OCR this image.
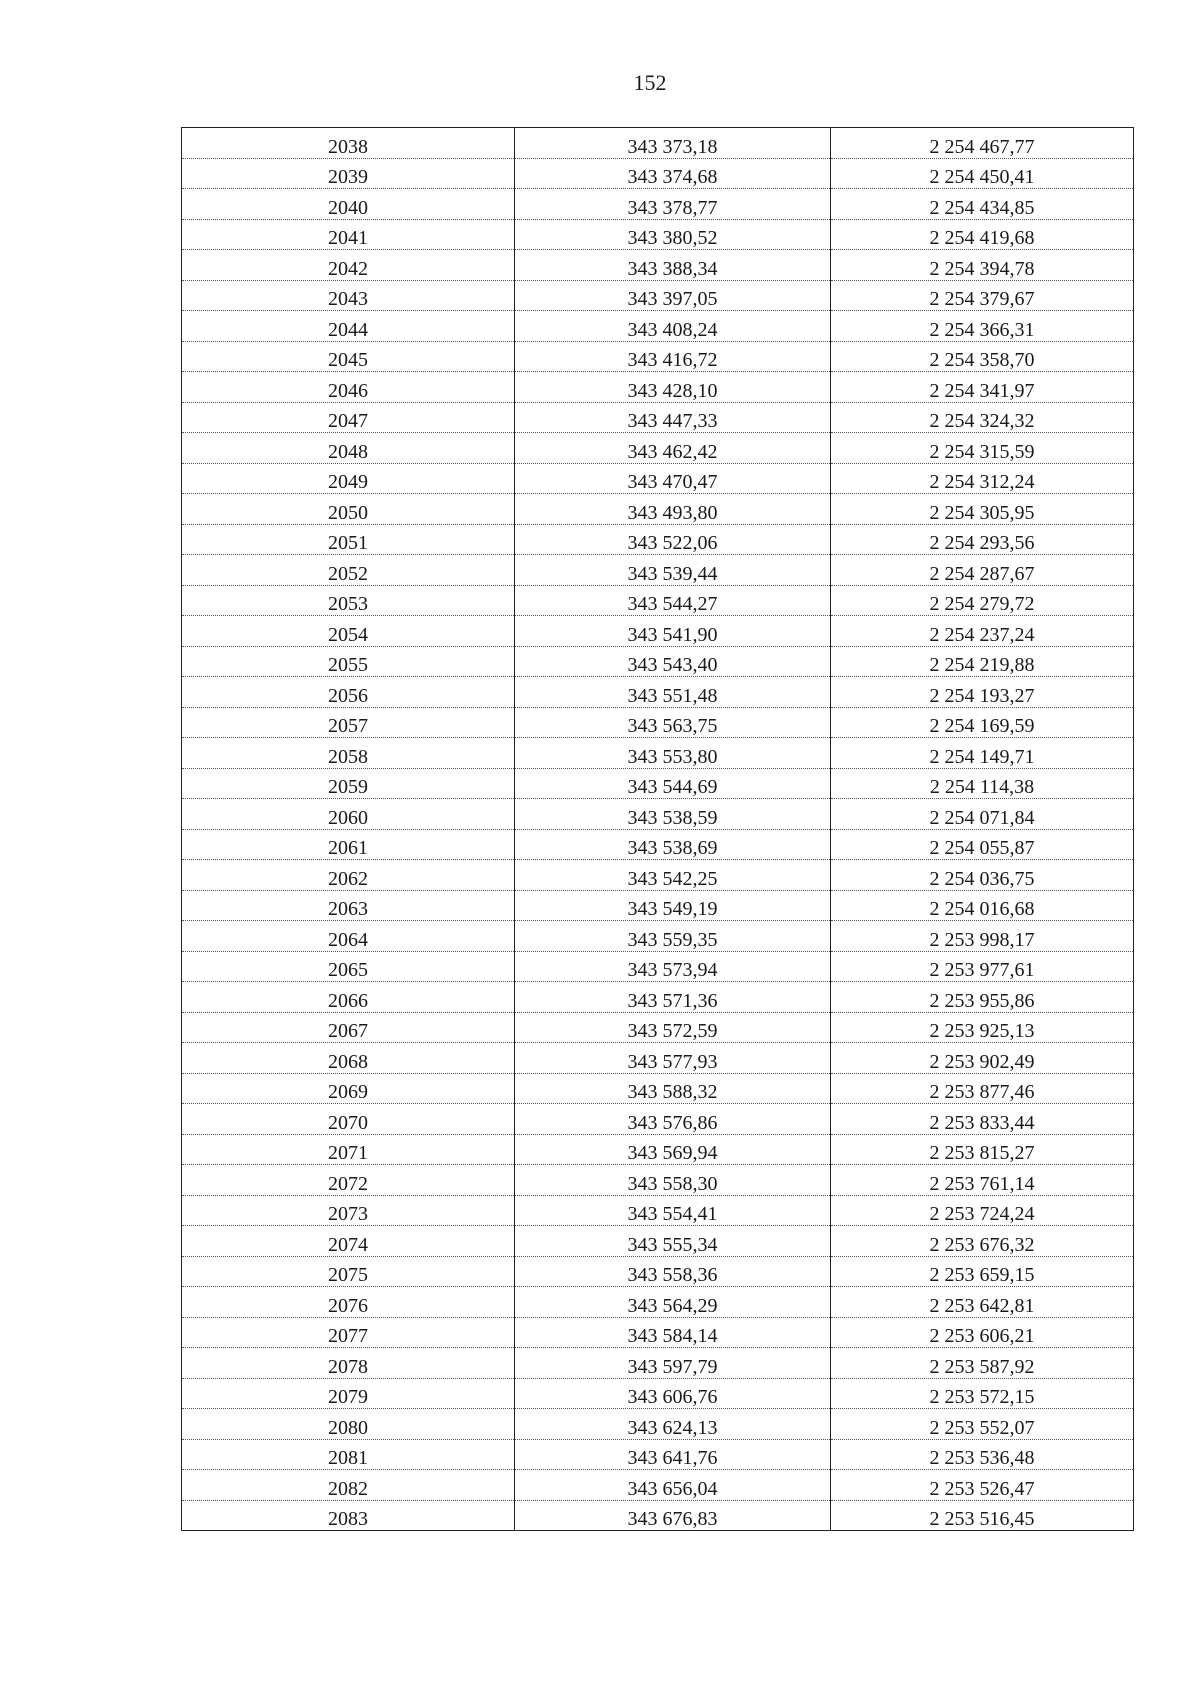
152
2038	343 373,18	2 254 467,77
2039	343 374,68	2 254 450,41
2040	343 378,77	2 254 434,85
2041	343 380,52	2 254 419,68
2042	343 388,34	2 254 394,78
2043	343 397,05	2 254 379,67
2044	343 408,24	2 254 366,31
2045	343 416,72	2 254 358,70
2046	343 428,10	2 254 341,97
2047	343 447,33	2 254 324,32
2048	343 462,42	2 254 315,59
2049	343 470,47	2 254 312,24
2050	343 493,80	2 254 305,95
2051	343 522,06	2 254 293,56
2052	343 539,44	2 254 287,67
2053	343 544,27	2 254 279,72
2054	343 541,90	2 254 237,24
2055	343 543,40	2 254 219,88
2056	343 551,48	2 254 193,27
2057	343 563,75	2 254 169,59
2058	343 553,80	2 254 149,71
2059	343 544,69	2 254 114,38
2060	343 538,59	2 254 071,84
2061	343 538,69	2 254 055,87
2062	343 542,25	2 254 036,75
2063	343 549,19	2 254 016,68
2064	343 559,35	2 253 998,17
2065	343 573,94	2 253 977,61
2066	343 571,36	2 253 955,86
2067	343 572,59	2 253 925,13
2068	343 577,93	2 253 902,49
2069	343 588,32	2 253 877,46
2070	343 576,86	2 253 833,44
2071	343 569,94	2 253 815,27
2072	343 558,30	2 253 761,14
2073	343 554,41	2 253 724,24
2074	343 555,34	2 253 676,32
2075	343 558,36	2 253 659,15
2076	343 564,29	2 253 642,81
2077	343 584,14	2 253 606,21
2078	343 597,79	2 253 587,92
2079	343 606,76	2 253 572,15
2080	343 624,13	2 253 552,07
2081	343 641,76	2 253 536,48
2082	343 656,04	2 253 526,47
2083	343 676,83	2 253 516,45
